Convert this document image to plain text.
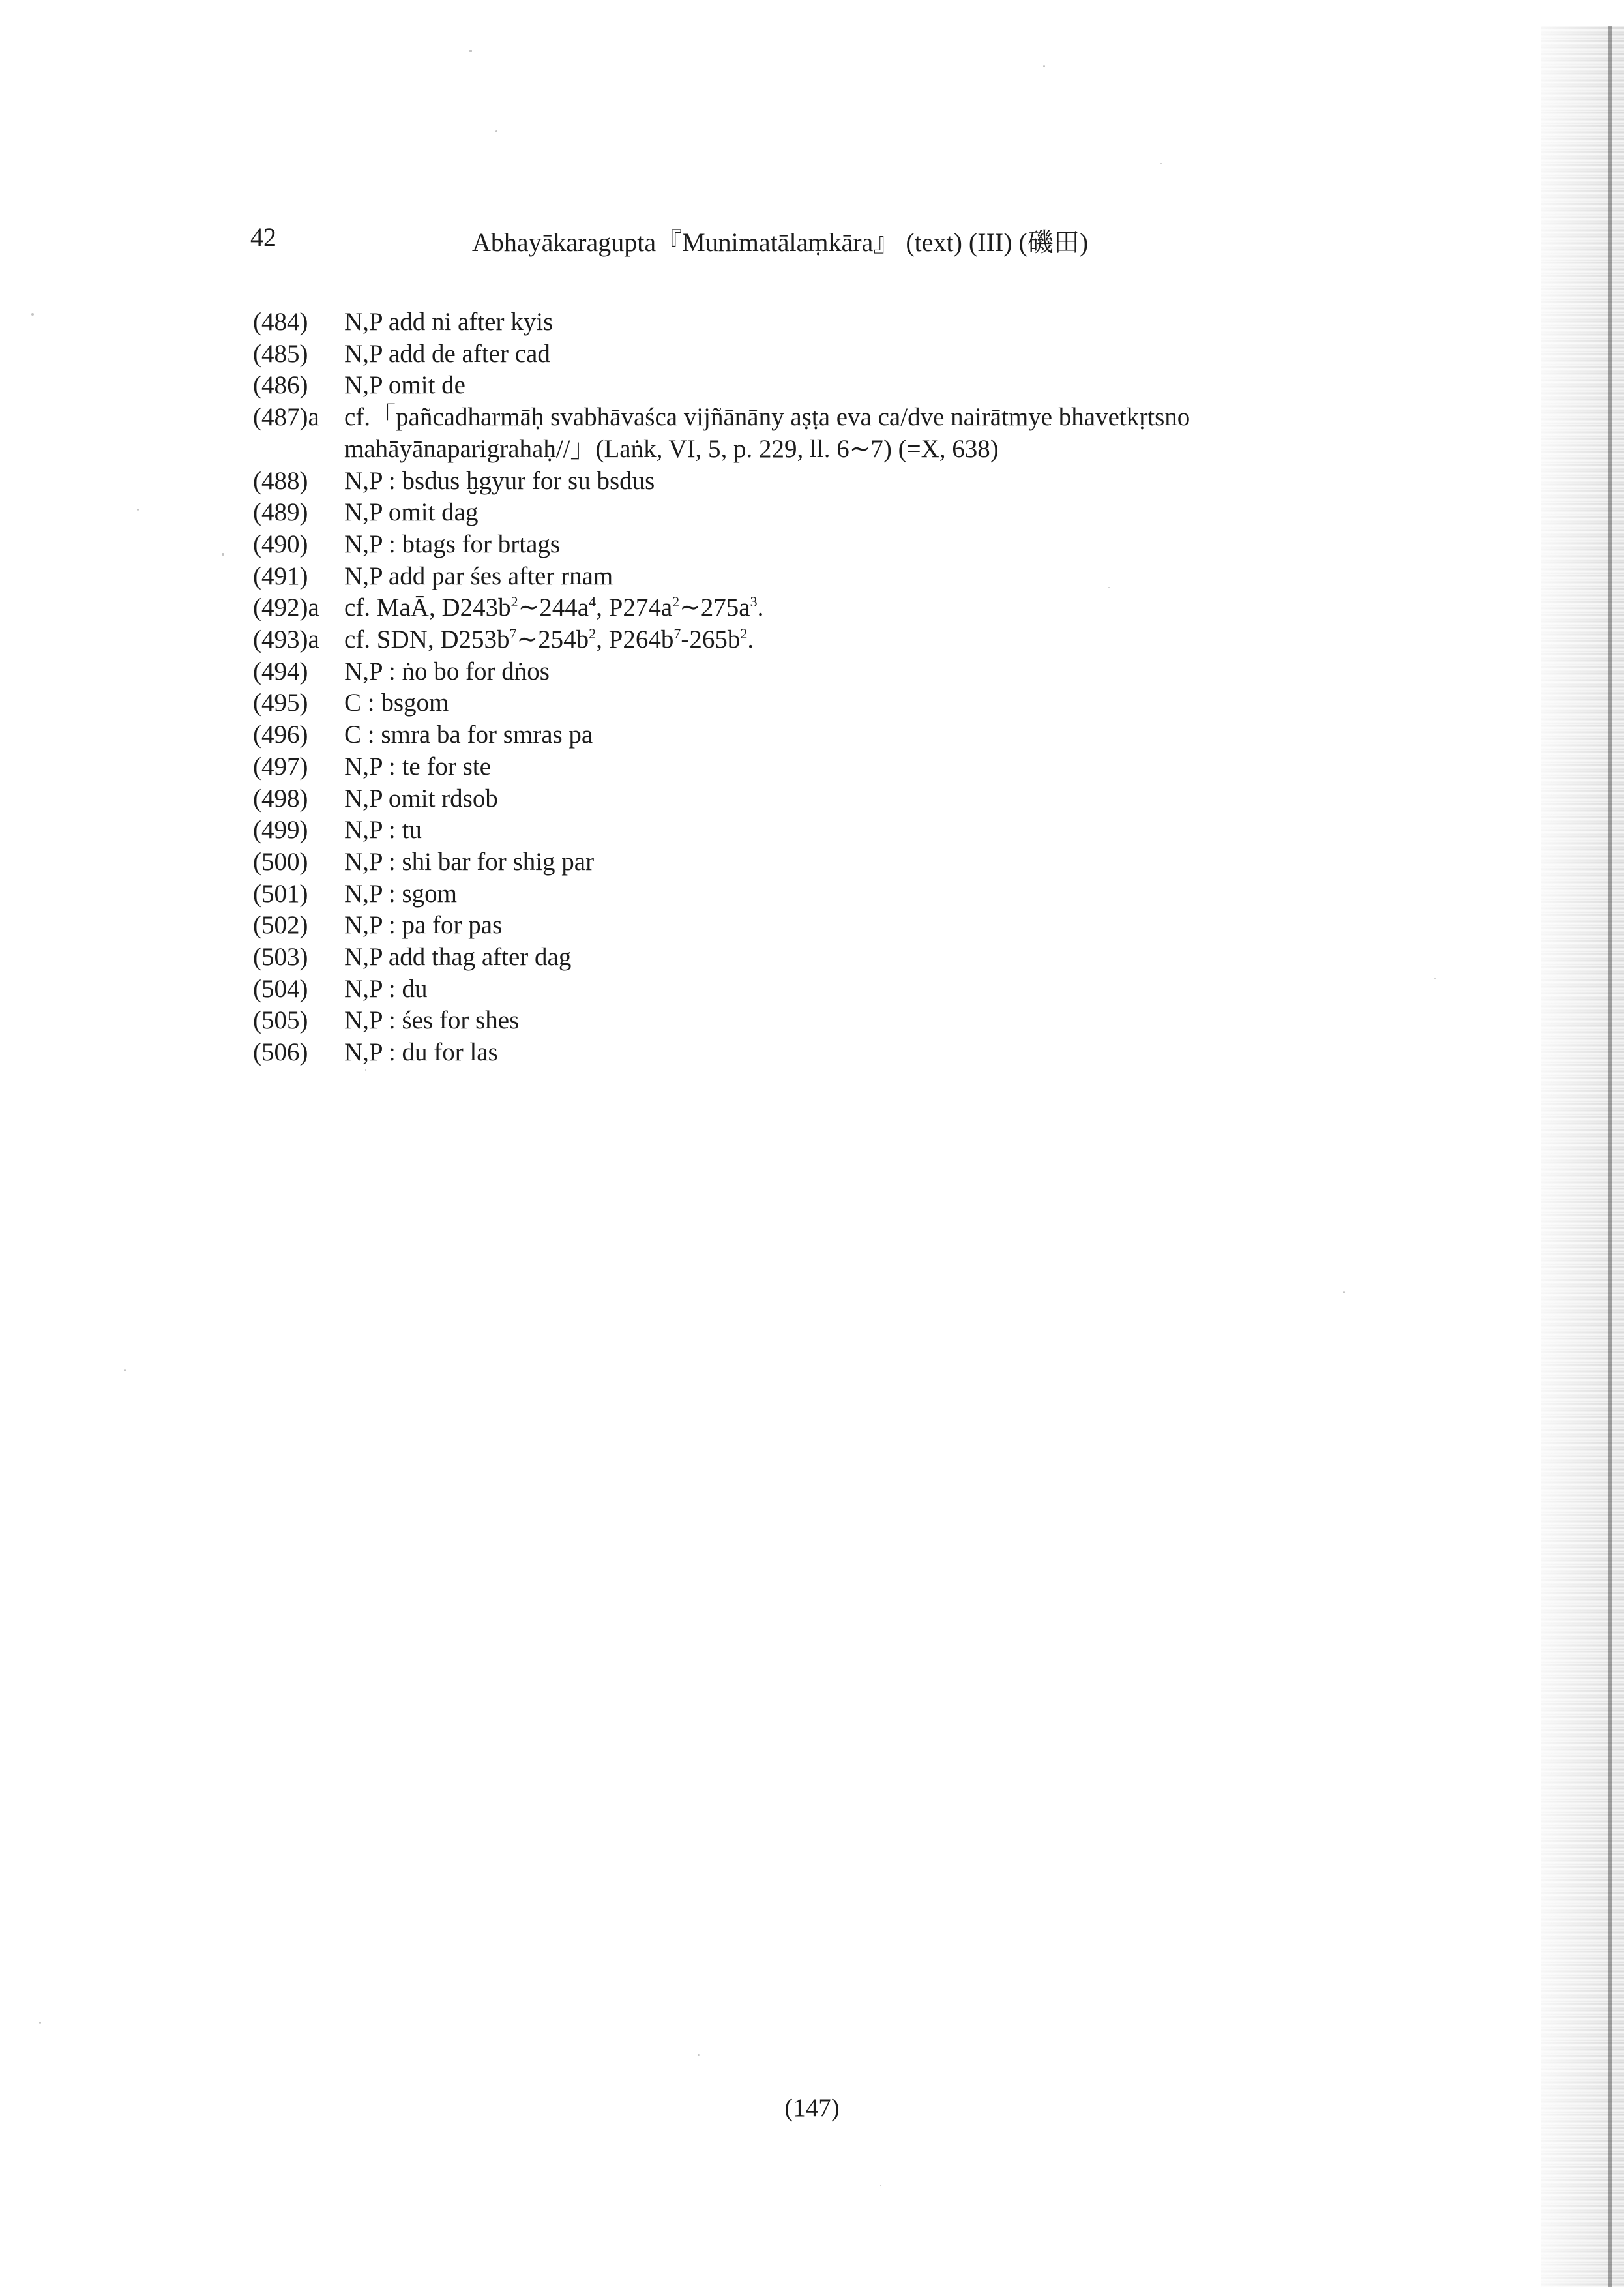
42	Abhayākaragupta『Munimatālaṃkāra』 (text) (III) (磯田)
(484)	N,P add ni after kyis
(485)	N,P add de after cad
(486)	N,P omit de
(487)a cf.「pañcadharmāḥ svabhāvaśca vijñānāny aṣṭa eva ca/dve nairātmye bhavetkṛtsno
mahāyānaparigrahaḥ//」(Laṅk, VI, 5, p. 229, ll. 6∼7) (=X, 638)
(488)	N,P : bsdus ḫgyur for su bsdus
(489)	N,P omit dag
(490)	N,P : btags for brtags
(491)	N,P add par śes after rnam
(492)a cf. MaĀ, $D243b^2\sim 244a^4$, $P274a^2\sim 275a^3$.
(493)a cf. SDN, $D253b^7\sim 254b^2$, $P264b^7-265b^2$.
(494)	N,P : ṅo bo for dṅos
(495)	C : bsgom
(496)	C : smra ba for smras pa
(497)	N,P : te for ste
(498)	N,P omit rdsob
(499)	N,P : tu
(500)	N,P : shi bar for shig par
(501)	N,P : sgom
(502)	N,P : pa for pas
(503)	N,P add thag after dag
(504)	N,P : du
(505)	N,P : śes for shes
(506)	N,P : du for las
(147)
